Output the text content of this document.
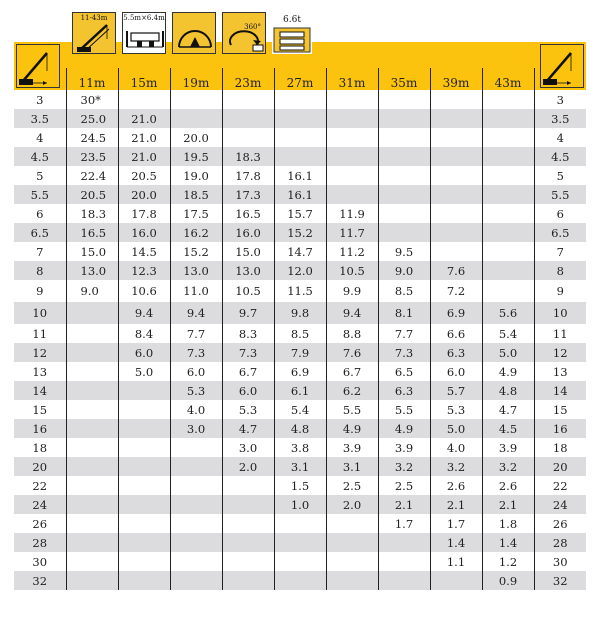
11-43m	5.5m×6.4m
360°
6.6t
	11m	15m	19m	23m	27m	31m	35m	39m	43m	
3	30*									3
3.5	25.0	21.0								3.5
4	24.5	21.0	20.0							4
4.5	23.5	21.0	19.5	18.3						4.5
5	22.4	20.5	19.0	17.8	16.1					5
5.5	20.5	20.0	18.5	17.3	16.1					5.5
6	18.3	17.8	17.5	16.5	15.7	11.9				6
6.5	16.5	16.0	16.2	16.0	15.2	11.7				6.5
7	15.0	14.5	15.2	15.0	14.7	11.2	9.5			7
8	13.0	12.3	13.0	13.0	12.0	10.5	9.0	7.6		8
9	9.0	10.6	11.0	10.5	11.5	9.9	8.5	7.2		9
10		9.4	9.4	9.7	9.8	9.4	8.1	6.9	5.6	10
11		8.4	7.7	8.3	8.5	8.8	7.7	6.6	5.4	11
12		6.0	7.3	7.3	7.9	7.6	7.3	6.3	5.0	12
13		5.0	6.0	6.7	6.9	6.7	6.5	6.0	4.9	13
14			5.3	6.0	6.1	6.2	6.3	5.7	4.8	14
15			4.0	5.3	5.4	5.5	5.5	5.3	4.7	15
16			3.0	4.7	4.8	4.9	4.9	5.0	4.5	16
18				3.0	3.8	3.9	3.9	4.0	3.9	18
20				2.0	3.1	3.1	3.2	3.2	3.2	20
22					1.5	2.5	2.5	2.6	2.6	22
24					1.0	2.0	2.1	2.1	2.1	24
26							1.7	1.7	1.8	26
28								1.4	1.4	28
30								1.1	1.2	30
32									0.9	32
